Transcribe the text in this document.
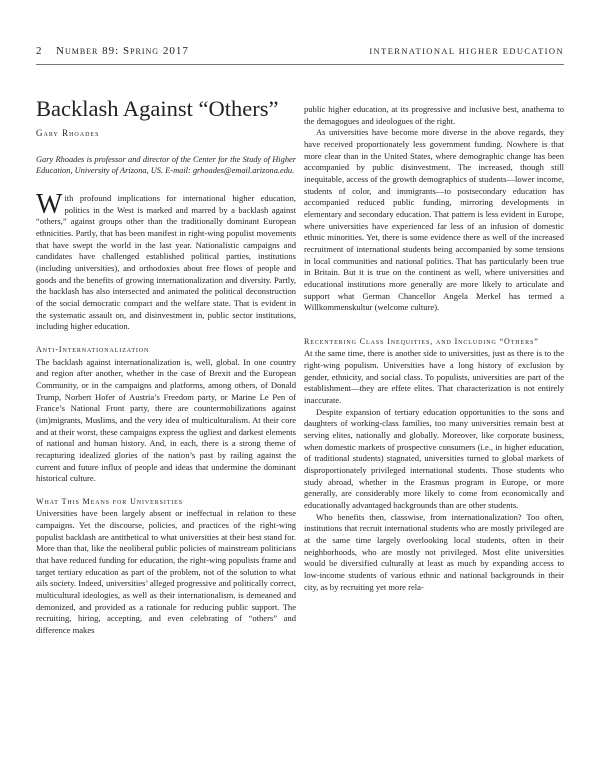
2 Number 89: Spring 2017	INTERNATIONAL HIGHER EDUCATION
Backlash Against “Others”
Gary Rhoades

Gary Rhoades is professor and director of the Center for the Study of Higher Education, University of Arizona, US. E-mail: grhoades@email.arizona.edu.

With profound implications for international higher education, politics in the West is marked and marred by a backlash against “others,” against groups other than the traditionally dominant European ethnicities. Partly, that has been manifest in right-wing populist movements that have swept the world in the last year. Nationalistic campaigns and candidates have challenged established political parties, institutions (including universities), and orthodoxies about free flows of people and goods and the benefits of growing internationalization and diversity. Partly, the backlash has also intersected and animated the political deconstruction of the social democratic compact and the welfare state. That is evident in the systematic assault on, and disinvestment in, public sector institutions, including higher education.

Anti-Internationalization

The backlash against internationalization is, well, global. In one country and region after another, whether in the case of Brexit and the European Community, or in the campaigns and platforms, among others, of Donald Trump, Norbert Hofer of Austria’s Freedom party, or Marine Le Pen of France’s National Front party, there are countermobilizations against (im)migrants, Muslims, and the very idea of multiculturalism. At their core and at their worst, these campaigns express the ugliest and darkest elements of national and human history. And, in each, there is a strong theme of recapturing idealized glories of the nation’s past by railing against the current and future influx of people and ideas that undermine the dominant historical culture.

What This Means for Universities

Universities have been largely absent or ineffectual in relation to these campaigns. Yet the discourse, policies, and practices of the right-wing populist backlash are antithetical to what universities at their best stand for. More than that, like the neoliberal public policies of mainstream politicians that have reduced funding for education, the right-wing populists frame and target tertiary education as part of the problem, not of the solution to what ails society. Indeed, universities’ alleged progressive and politically correct, multicultural ideologies, as well as their internationalism, is demeaned and demonized, and provided as a rationale for reducing public support. The recruiting, hiring, accepting, and even celebrating of “others” and difference makes

public higher education, at its progressive and inclusive best, anathema to the demagogues and ideologues of the right.

As universities have become more diverse in the above regards, they have received proportionately less government funding. Nowhere is that more clear than in the United States, where demographic change has been accompanied by public disinvestment. The increased, though still inequitable, access of the growth demographics of students—lower income, students of color, and immigrants—to postsecondary education has accompanied reduced public funding, mirroring developments in elementary and secondary education. That pattern is less evident in Europe, where universities have experienced far less of an infusion of domestic ethnic minorities. Yet, there is some evidence there as well of the increased recruitment of international students being accompanied by some tensions in local communities and national politics. That has particularly been true in Britain. But it is true on the continent as well, where universities and educational institutions more generally are more likely to articulate and support what German Chancellor Angela Merkel has termed a Willkommenskultur (welcome culture).

Recentering Class Inequities, and Including “Others”

At the same time, there is another side to universities, just as there is to the right-wing populism. Universities have a long history of exclusion by gender, ethnicity, and social class. To populists, universities are part of the establishment—they are effete elites. That characterization is not entirely inaccurate.

Despite expansion of tertiary education opportunities to the sons and daughters of working-class families, too many universities remain best at serving elites, nationally and globally. Moreover, like corporate business, when domestic markets of prospective consumers (i.e., in higher education, of traditional students) stagnated, universities turned to global markets of disproportionately privileged international students. Those students who study abroad, whether in the Erasmus program in Europe, or more generally, are considerably more likely to come from economically and educationally advantaged backgrounds than are other students.

Who benefits then, classwise, from internationalization? Too often, institutions that recruit international students who are mostly privileged are at the same time largely overlooking local students, often in their neighborhoods, who are mostly not privileged. Most elite universities would be diversified culturally at least as much by expanding access to low-income students of various ethnic and national backgrounds in their city, as by recruiting yet more rela-
